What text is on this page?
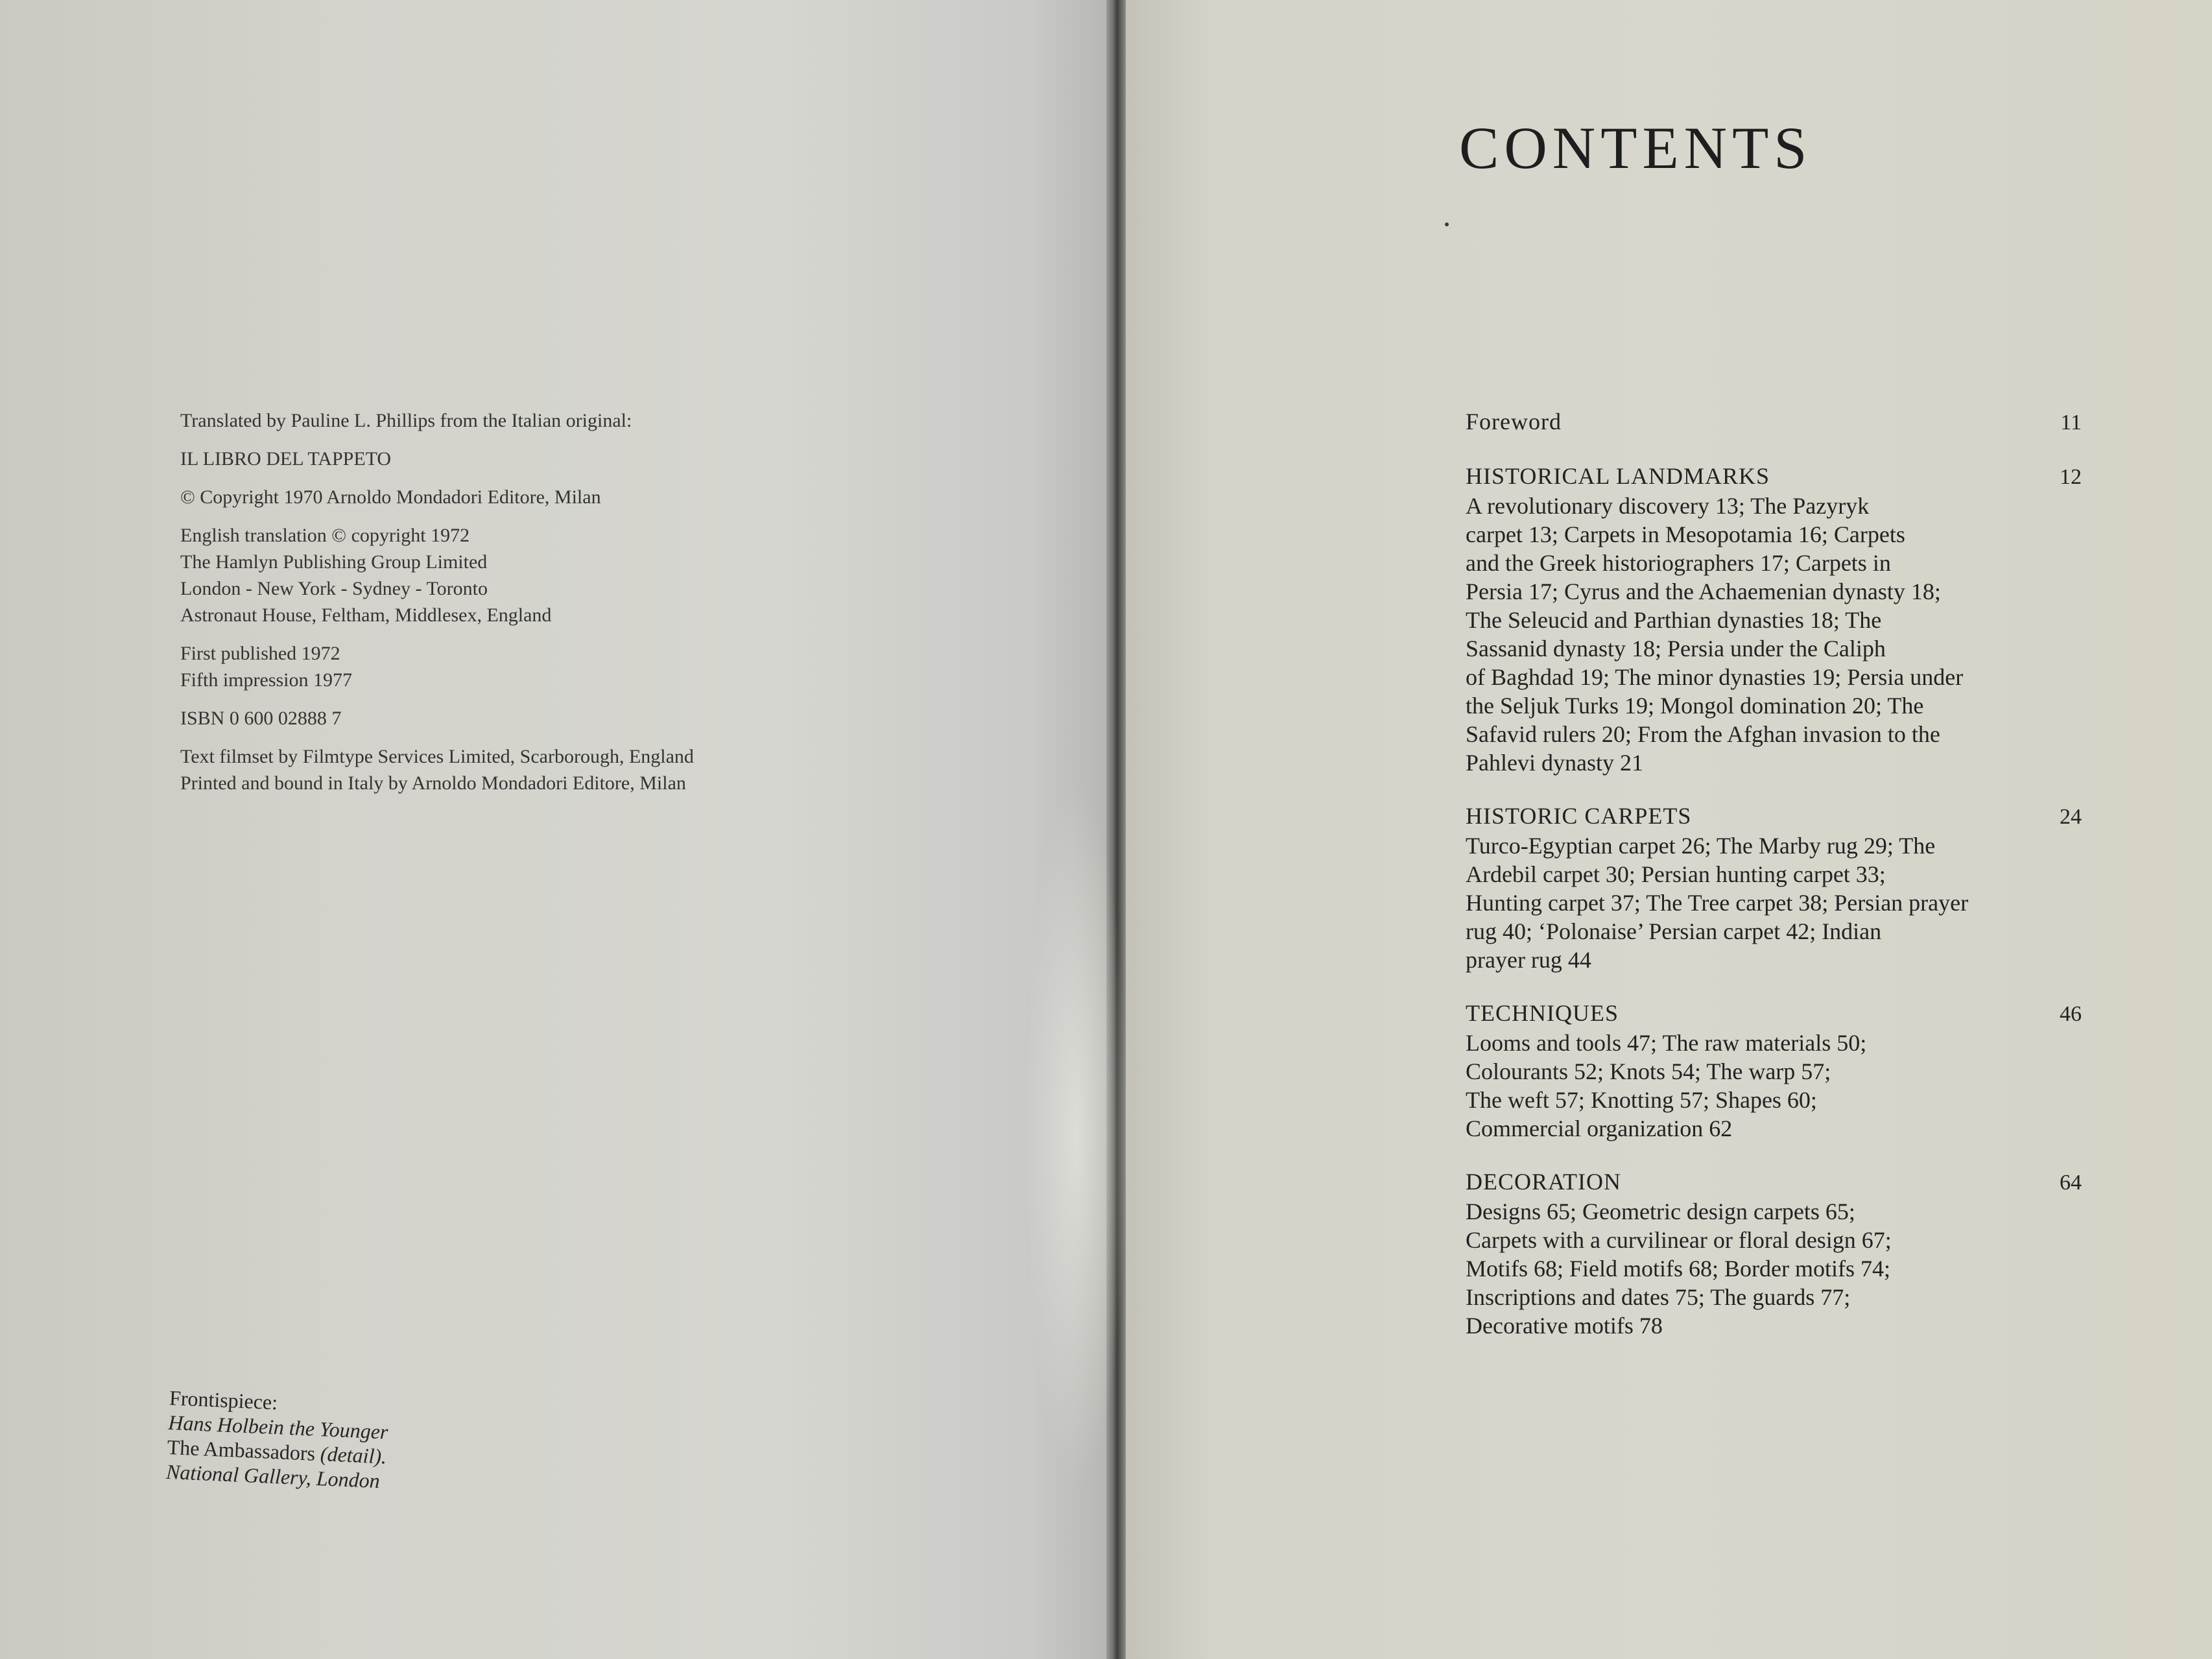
Translated by Pauline L. Phillips from the Italian original:
IL LIBRO DEL TAPPETO
© Copyright 1970 Arnoldo Mondadori Editore, Milan
English translation © copyright 1972
The Hamlyn Publishing Group Limited
London - New York - Sydney - Toronto
Astronaut House, Feltham, Middlesex, England
First published 1972
Fifth impression 1977
ISBN 0 600 02888 7
Text filmset by Filmtype Services Limited, Scarborough, England
Printed and bound in Italy by Arnoldo Mondadori Editore, Milan
Frontispiece:
Hans Holbein the Younger
The Ambassadors (detail).
National Gallery, London
CONTENTS
Foreword	11
HISTORICAL LANDMARKS	12
A revolutionary discovery 13; The Pazyryk
carpet 13; Carpets in Mesopotamia 16; Carpets
and the Greek historiographers 17; Carpets in
Persia 17; Cyrus and the Achaemenian dynasty 18;
The Seleucid and Parthian dynasties 18; The
Sassanid dynasty 18; Persia under the Caliph
of Baghdad 19; The minor dynasties 19; Persia under
the Seljuk Turks 19; Mongol domination 20; The
Safavid rulers 20; From the Afghan invasion to the
Pahlevi dynasty 21
HISTORIC CARPETS	24
Turco-Egyptian carpet 26; The Marby rug 29; The
Ardebil carpet 30; Persian hunting carpet 33;
Hunting carpet 37; The Tree carpet 38; Persian prayer
rug 40; ‘Polonaise’ Persian carpet 42; Indian
prayer rug 44
TECHNIQUES	46
Looms and tools 47; The raw materials 50;
Colourants 52; Knots 54; The warp 57;
The weft 57; Knotting 57; Shapes 60;
Commercial organization 62
DECORATION	64
Designs 65; Geometric design carpets 65;
Carpets with a curvilinear or floral design 67;
Motifs 68; Field motifs 68; Border motifs 74;
Inscriptions and dates 75; The guards 77;
Decorative motifs 78
